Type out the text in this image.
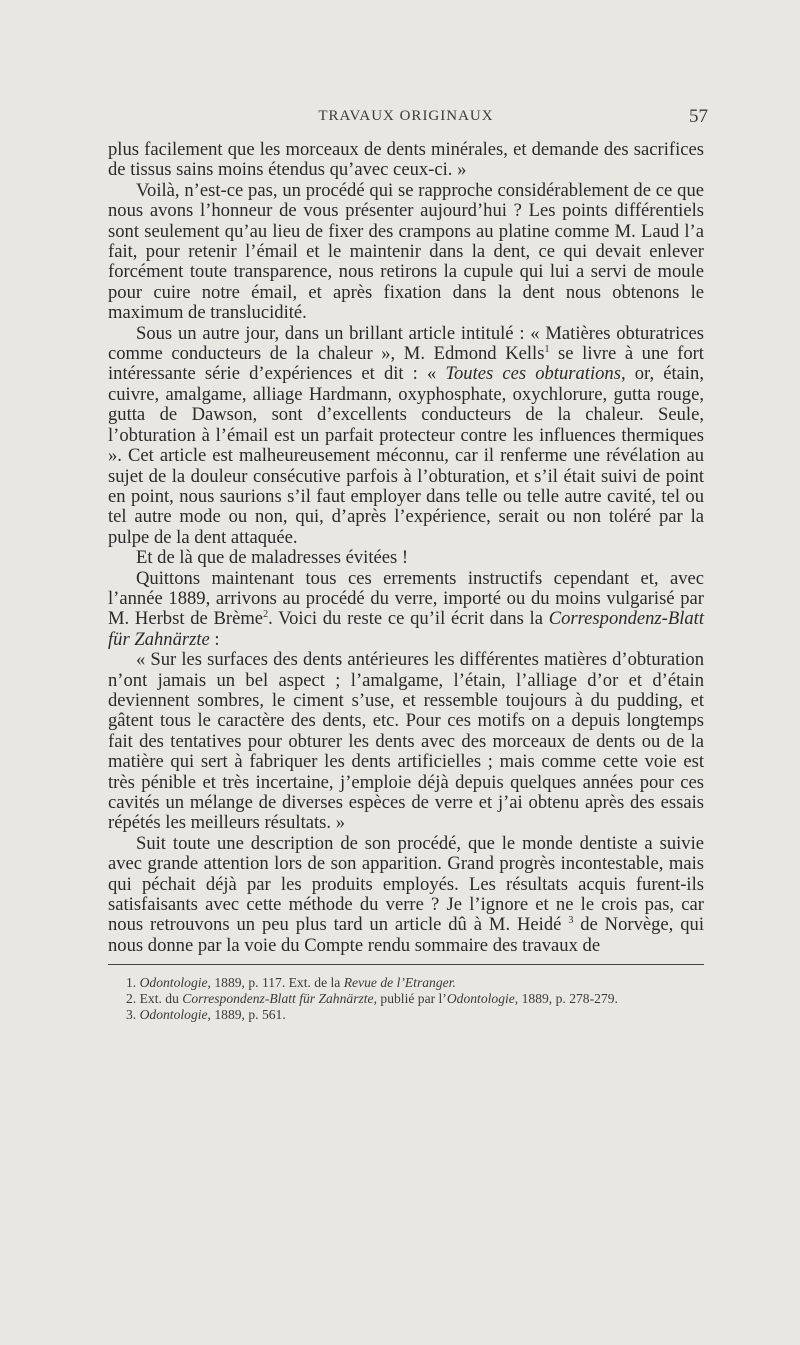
TRAVAUX ORIGINAUX	57

plus facilement que les morceaux de dents minérales, et demande des sacrifices de tissus sains moins étendus qu’avec ceux-ci. »

Voilà, n’est-ce pas, un procédé qui se rapproche considérablement de ce que nous avons l’honneur de vous présenter aujourd’hui ? Les points différentiels sont seulement qu’au lieu de fixer des crampons au platine comme M. Laud l’a fait, pour retenir l’émail et le maintenir dans la dent, ce qui devait enlever forcément toute transparence, nous retirons la cupule qui lui a servi de moule pour cuire notre émail, et après fixation dans la dent nous obtenons le maximum de translucidité.

Sous un autre jour, dans un brillant article intitulé : « Matières obturatrices comme conducteurs de la chaleur », M. Edmond Kells$^1$ se livre à une fort intéressante série d’expériences et dit : « Toutes ces obturations, or, étain, cuivre, amalgame, alliage Hardmann, oxyphosphate, oxychlorure, gutta rouge, gutta de Dawson, sont d’excellents conducteurs de la chaleur. Seule, l’obturation à l’émail est un parfait protecteur contre les influences thermiques ». Cet article est malheureusement méconnu, car il renferme une révélation au sujet de la douleur consécutive parfois à l’obturation, et s’il était suivi de point en point, nous saurions s’il faut employer dans telle ou telle autre cavité, tel ou tel autre mode ou non, qui, d’après l’expérience, serait ou non toléré par la pulpe de la dent attaquée.

Et de là que de maladresses évitées !

Quittons maintenant tous ces errements instructifs cependant et, avec l’année 1889, arrivons au procédé du verre, importé ou du moins vulgarisé par M. Herbst de Brème$^2$. Voici du reste ce qu’il écrit dans la Correspondenz-Blatt für Zahnärzte :

« Sur les surfaces des dents antérieures les différentes matières d’obturation n’ont jamais un bel aspect ; l’amalgame, l’étain, l’alliage d’or et d’étain deviennent sombres, le ciment s’use, et ressemble toujours à du pudding, et gâtent tous le caractère des dents, etc. Pour ces motifs on a depuis longtemps fait des tentatives pour obturer les dents avec des morceaux de dents ou de la matière qui sert à fabriquer les dents artificielles ; mais comme cette voie est très pénible et très incertaine, j’emploie déjà depuis quelques années pour ces cavités un mélange de diverses espèces de verre et j’ai obtenu après des essais répétés les meilleurs résultats. »

Suit toute une description de son procédé, que le monde dentiste a suivie avec grande attention lors de son apparition. Grand progrès incontestable, mais qui péchait déjà par les produits employés. Les résultats acquis furent-ils satisfaisants avec cette méthode du verre ? Je l’ignore et ne le crois pas, car nous retrouvons un peu plus tard un article dû à M. Heidé $^3$ de Norvège, qui nous donne par la voie du Compte rendu sommaire des travaux de

1. Odontologie, 1889, p. 117. Ext. de la Revue de l’Etranger.

2. Ext. du Correspondenz-Blatt für Zahnärzte, publié par l’Odontologie, 1889, p. 278-279.

3. Odontologie, 1889, p. 561.
